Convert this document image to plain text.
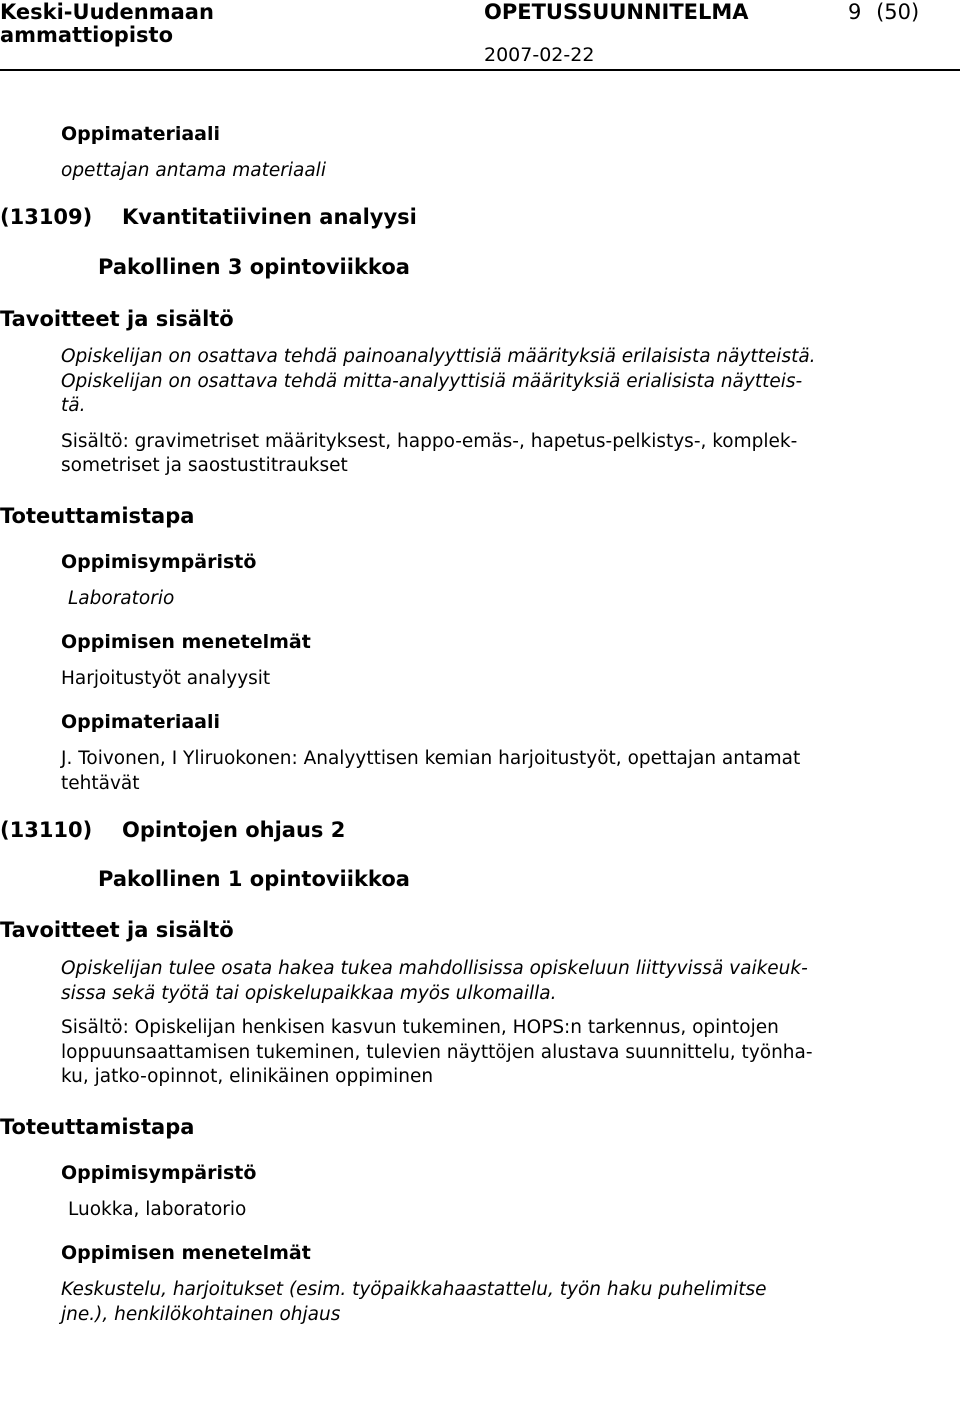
Keski-Uudenmaan
ammattiopisto
OPETUSSUUNNITELMA	9 (50)
2007-02-22
Oppimateriaali
opettajan antama materiaali
(13109) Kvantitatiivinen analyysi
Pakollinen 3 opintoviikkoa
Tavoitteet ja sisältö
Opiskelijan on osattava tehdä painoanalyyttisiä määrityksiä erilaisista näytteistä.
Opiskelijan on osattava tehdä mitta-analyyttisiä määrityksiä erialisista näytteis-
tä.
Sisältö: gravimetriset määrityksest, happo-emäs-, hapetus-pelkistys-, komplek-
sometriset ja saostustitraukset
Toteuttamistapa
Oppimisympäristö
Laboratorio
Oppimisen menetelmät
Harjoitustyöt analyysit
Oppimateriaali
J. Toivonen, I Yliruokonen: Analyyttisen kemian harjoitustyöt, opettajan antamat
tehtävät
(13110) Opintojen ohjaus 2
Pakollinen 1 opintoviikkoa
Tavoitteet ja sisältö
Opiskelijan tulee osata hakea tukea mahdollisissa opiskeluun liittyvissä vaikeuk-
sissa sekä työtä tai opiskelupaikkaa myös ulkomailla.
Sisältö: Opiskelijan henkisen kasvun tukeminen, HOPS:n tarkennus, opintojen
loppuunsaattamisen tukeminen, tulevien näyttöjen alustava suunnittelu, työnha-
ku, jatko-opinnot, elinikäinen oppiminen
Toteuttamistapa
Oppimisympäristö
Luokka, laboratorio
Oppimisen menetelmät
Keskustelu, harjoitukset (esim. työpaikkahaastattelu, työn haku puhelimitse
jne.), henkilökohtainen ohjaus
